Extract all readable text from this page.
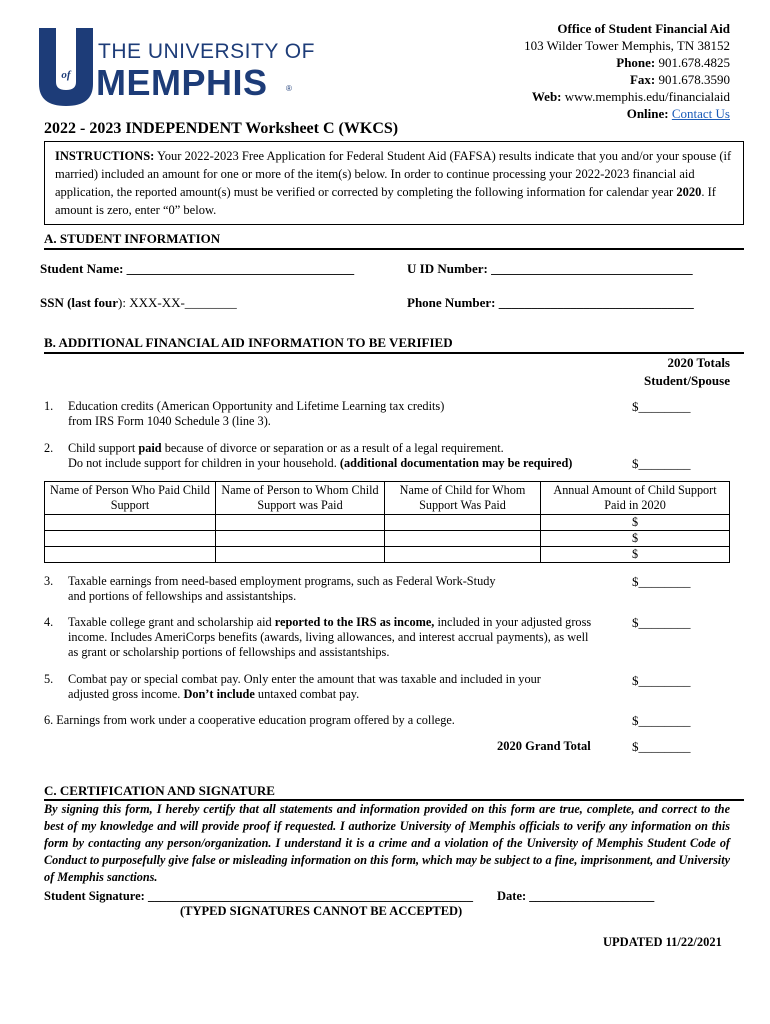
of
THE UNIVERSITY OF
MEMPHIS ®
Office of Student Financial Aid
103 Wilder Tower Memphis, TN 38152
Phone: 901.678.4825
Fax: 901.678.3590
Web: www.memphis.edu/financialaid
Online: Contact Us
2022 - 2023 INDEPENDENT Worksheet C (WKCS)
INSTRUCTIONS: Your 2022-2023 Free Application for Federal Student Aid (FAFSA) results indicate that you and/or your spouse (if married) included an amount for one or more of the item(s) below. In order to continue processing your 2022-2023 financial aid application, the reported amount(s) must be verified or corrected by completing the following information for calendar year 2020. If amount is zero, enter “0” below.
A. STUDENT INFORMATION
Student Name: ___________________________________	U ID Number: _______________________________
SSN (last four): XXX-XX-________	Phone Number: ______________________________
B. ADDITIONAL FINANCIAL AID INFORMATION TO BE VERIFIED
2020 Totals
Student/Spouse
1. Education credits (American Opportunity and Lifetime Learning tax credits)
from IRS Form 1040 Schedule 3 (line 3).
$________
2. Child support paid because of divorce or separation or as a result of a legal requirement.
Do not include support for children in your household. (additional documentation may be required)	$________
Name of Person Who Paid Child Support	Name of Person to Whom Child Support was Paid	Name of Child for Whom Support Was Paid	Annual Amount of Child Support Paid in 2020
			$
			$
			$
3. Taxable earnings from need-based employment programs, such as Federal Work-Study
and portions of fellowships and assistantships.
$________
4. Taxable college grant and scholarship aid reported to the IRS as income, included in your adjusted gross
income. Includes AmeriCorps benefits (awards, living allowances, and interest accrual payments), as well
as grant or scholarship portions of fellowships and assistantships.
$________
5. Combat pay or special combat pay. Only enter the amount that was taxable and included in your
adjusted gross income. Don’t include untaxed combat pay.
$________
6. Earnings from work under a cooperative education program offered by a college.	$________
2020 Grand Total	$________
C. CERTIFICATION AND SIGNATURE
By signing this form, I hereby certify that all statements and information provided on this form are true, complete, and correct to the best of my knowledge and will provide proof if requested. I authorize University of Memphis officials to verify any information on this form by contacting any person/organization. I understand it is a crime and a violation of the University of Memphis Student Code of Conduct to purposefully give false or misleading information on this form, which may be subject to a fine, imprisonment, and University of Memphis sanctions.
Student Signature: ____________________________________________________ Date: ____________________
(TYPED SIGNATURES CANNOT BE ACCEPTED)
UPDATED 11/22/2021
